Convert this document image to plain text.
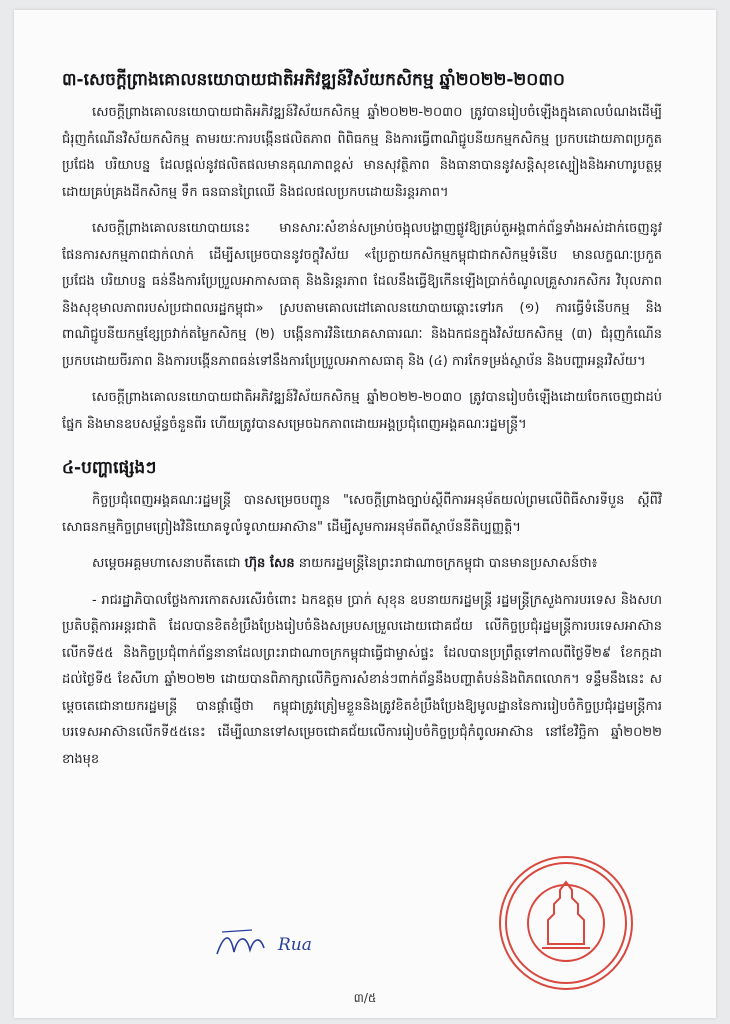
៣-សេចក្តីព្រាងគោលនយោបាយជាតិអភិវឌ្ឍន៍វិស័យកសិកម្ម ឆ្នាំ២០២២-២០៣០

សេចក្តីព្រាងគោលនយោបាយជាតិអភិវឌ្ឍន៍វិស័យកសិកម្ម ឆ្នាំ២០២២-២០៣០ ត្រូវបានរៀបចំឡើងក្នុងគោលបំណងដើម្បីជំរុញកំណើនវិស័យកសិកម្ម តាមរយៈការបង្កើនផលិតភាព ពិពិធកម្ម និងការធ្វើពាណិជ្ជូបនីយកម្មកសិកម្ម ប្រកបដោយភាពប្រកួតប្រជែង បរិយាបន្ន ដែលផ្តល់នូវផលិតផលមានគុណភាពខ្ពស់ មានសុវត្ថិភាព និងធានាបាននូវសន្តិសុខស្បៀងនិងអាហារូបត្ថម្ភ ដោយគ្រប់គ្រងដីកសិកម្ម ទឹក ធនធានព្រៃឈើ និងជលផលប្រកបដោយនិរន្តរភាព។

សេចក្តីព្រាងគោលនយោបាយនេះ មានសារៈសំខាន់សម្រាប់ចង្អុលបង្ហាញផ្លូវឱ្យគ្រប់តួអង្គពាក់ព័ន្ធទាំងអស់ដាក់ចេញនូវផែនការសកម្មភាពជាក់លាក់ ដើម្បីសម្រេចបាននូវចក្ខុវិស័យ «ប្រែក្លាយកសិកម្មកម្ពុជាជាកសិកម្មទំនើប មានលក្ខណៈប្រកួតប្រជែង បរិយាបន្ន ធន់នឹងការប្រែប្រួលអាកាសធាតុ និងនិរន្តរភាព ដែលនឹងធ្វើឱ្យកើនឡើងប្រាក់ចំណូលគ្រួសារកសិករ វិបុលភាព និងសុខុមាលភាពរបស់ប្រជាពលរដ្ឋកម្ពុជា» ស្របតាមគោលដៅគោលនយោបាយឆ្ពោះទៅរក (១) ការធ្វើទំនើបកម្ម និងពាណិជ្ជូបនីយកម្មខ្សែច្រវាក់តម្លៃកសិកម្ម (២) បង្កើនការវិនិយោគសាធារណៈ និងឯកជនក្នុងវិស័យកសិកម្ម (៣) ជំរុញកំណើនប្រកបដោយចីរភាព និងការបង្កើនភាពធន់ទៅនឹងការប្រែប្រួលអាកាសធាតុ និង (៤) ការកែទម្រង់ស្ថាប័ន និងបញ្ហាអន្តរវិស័យ។

សេចក្តីព្រាងគោលនយោបាយជាតិអភិវឌ្ឍន៍វិស័យកសិកម្ម ឆ្នាំ២០២២-២០៣០ ត្រូវបានរៀបចំឡើងដោយចែកចេញជាដប់ផ្នែក និងមានឧបសម្ព័ន្ធចំនួនពីរ ហើយត្រូវបានសម្រេចឯកភាពដោយអង្គប្រជុំពេញអង្គគណៈរដ្ឋមន្ត្រី។

៤-បញ្ហាផ្សេងៗ

កិច្ចប្រជុំពេញអង្គគណៈរដ្ឋមន្ត្រី បានសម្រេចបញ្ជូន "សេចក្តីព្រាងច្បាប់ស្តីពីការអនុម័តយល់ព្រមលើពិធីសារទីបួន ស្តីពីវិសោធនកម្មកិច្ចព្រមព្រៀងវិនិយោគទូលំទូលាយអាស៊ាន" ដើម្បីសូមការអនុម័តពីស្ថាប័ននីតិប្បញ្ញត្តិ។

សម្តេចអគ្គមហាសេនាបតីតេជោ ហ៊ុន សែន នាយករដ្ឋមន្ត្រីនៃព្រះរាជាណាចក្រកម្ពុជា បានមានប្រសាសន៍ថា៖

- រាជរដ្ឋាភិបាលថ្លែងការកោតសរសើរចំពោះ ឯកឧត្តម ប្រាក់ សុខុន ឧបនាយករដ្ឋមន្ត្រី រដ្ឋមន្ត្រីក្រសួងការបរទេស និងសហប្រតិបត្តិការអន្តរជាតិ ដែលបានខិតខំប្រឹងប្រែងរៀបចំនិងសម្របសម្រួលដោយជោគជ័យ លើកិច្ចប្រជុំរដ្ឋមន្ត្រីការបរទេសអាស៊ានលើកទី៥៥ និងកិច្ចប្រជុំពាក់ព័ន្ធនានាដែលព្រះរាជាណាចក្រកម្ពុជាធ្វើជាម្ចាស់ផ្ទះ ដែលបានប្រព្រឹត្តទៅកាលពីថ្ងៃទី២៩ ខែកក្កដា ដល់ថ្ងៃទី៥ ខែសីហា ឆ្នាំ២០២២ ដោយបានពិភាក្សាលើកិច្ចការសំខាន់ៗពាក់ព័ន្ធនឹងបញ្ហាតំបន់និងពិភពលោក។ ទន្ទឹមនឹងនេះ សម្តេចតេជោនាយករដ្ឋមន្ត្រី បានផ្តាំផ្ញើថា កម្ពុជាត្រូវត្រៀមខ្លួននិងត្រូវខិតខំប្រឹងប្រែងឱ្យ​មូលដ្ឋាននៃការរៀបចំកិច្ចប្រជុំរដ្ឋមន្ត្រីការបរទេសអាស៊ានលើកទី៥៥នេះ ដើម្បីឈានទៅសម្រេចជោគជ័យលើការរៀបចំកិច្ចប្រជុំកំពូលអាស៊ាន នៅខែវិច្ឆិកា ឆ្នាំ២០២២ ខាងមុខ

Rua
៣/៥
